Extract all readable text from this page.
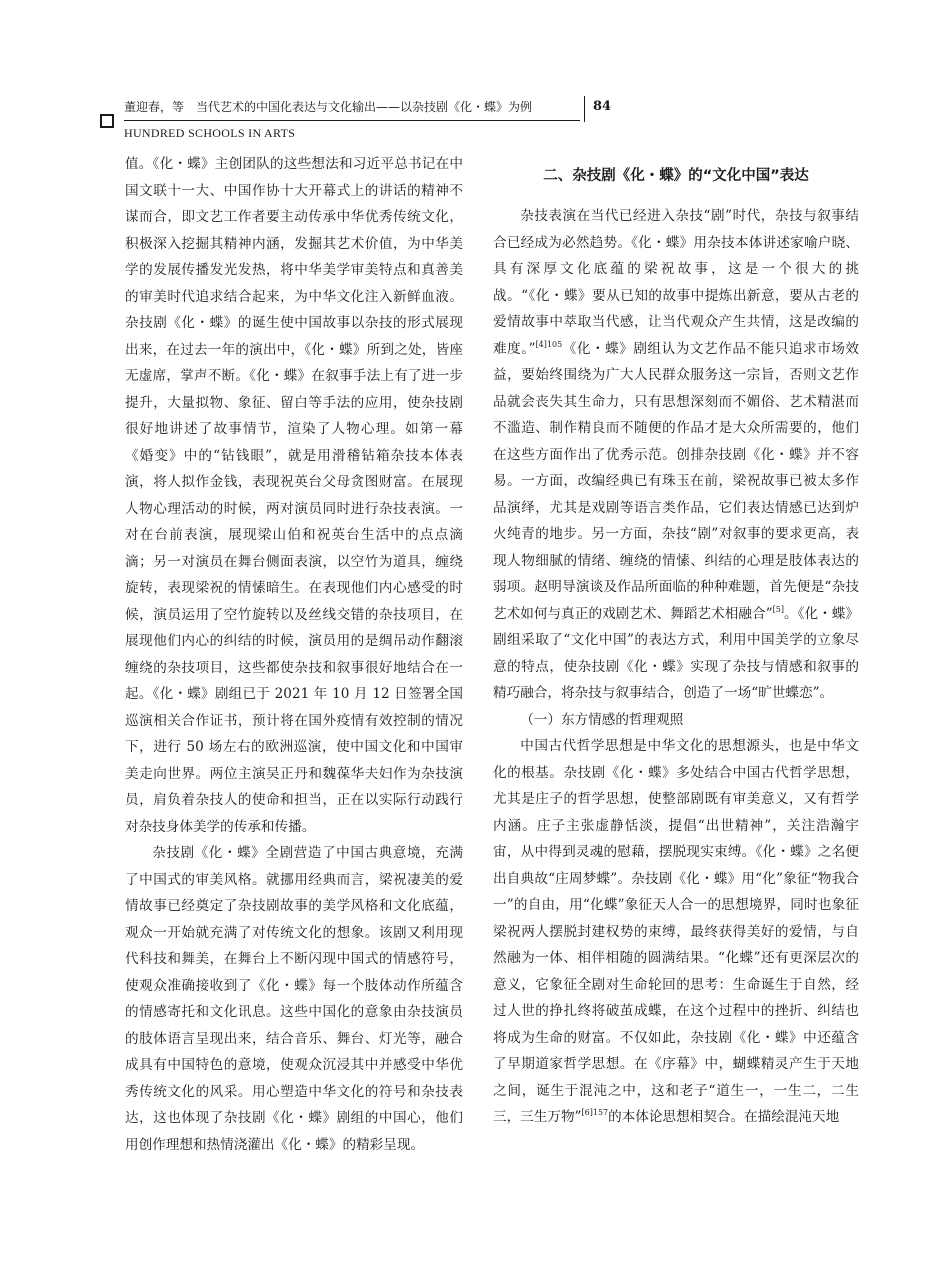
董迎春，等 当代艺术的中国化表达与文化输出——以杂技剧《化・蝶》为例	84
HUNDRED SCHOOLS IN ARTS

值。《化・蝶》主创团队的这些想法和习近平总书记在中国文联十一大、中国作协十大开幕式上的讲话的精神不谋而合，即文艺工作者要主动传承中华优秀传统文化，积极深入挖掘其精神内涵，发掘其艺术价值，为中华美学的发展传播发光发热，将中华美学审美特点和真善美的审美时代追求结合起来，为中华文化注入新鲜血液。杂技剧《化・蝶》的诞生使中国故事以杂技的形式展现出来，在过去一年的演出中，《化・蝶》所到之处，皆座无虚席，掌声不断。《化・蝶》在叙事手法上有了进一步提升，大量拟物、象征、留白等手法的应用，使杂技剧很好地讲述了故事情节，渲染了人物心理。如第一幕《婚变》中的“钻钱眼”，就是用滑稽钻箱杂技本体表演，将人拟作金钱，表现祝英台父母贪图财富。在展现人物心理活动的时候，两对演员同时进行杂技表演。一对在台前表演，展现梁山伯和祝英台生活中的点点滴滴；另一对演员在舞台侧面表演，以空竹为道具，缠绕旋转，表现梁祝的情愫暗生。在表现他们内心感受的时候，演员运用了空竹旋转以及丝线交错的杂技项目，在展现他们内心的纠结的时候，演员用的是绸吊动作翻滚缠绕的杂技项目，这些都使杂技和叙事很好地结合在一起。《化・蝶》剧组已于 2021 年 10 月 12 日签署全国巡演相关合作证书，预计将在国外疫情有效控制的情况下，进行 50 场左右的欧洲巡演，使中国文化和中国审美走向世界。两位主演吴正丹和魏葆华夫妇作为杂技演员，肩负着杂技人的使命和担当，正在以实际行动践行对杂技身体美学的传承和传播。

杂技剧《化・蝶》全剧营造了中国古典意境，充满了中国式的审美风格。就挪用经典而言，梁祝凄美的爱情故事已经奠定了杂技剧故事的美学风格和文化底蕴，观众一开始就充满了对传统文化的想象。该剧又利用现代科技和舞美，在舞台上不断闪现中国式的情感符号，使观众准确接收到了《化・蝶》每一个肢体动作所蕴含的情感寄托和文化讯息。这些中国化的意象由杂技演员的肢体语言呈现出来，结合音乐、舞台、灯光等，融合成具有中国特色的意境，使观众沉浸其中并感受中华优秀传统文化的风采。用心塑造中华文化的符号和杂技表达，这也体现了杂技剧《化・蝶》剧组的中国心，他们用创作理想和热情浇灌出《化・蝶》的精彩呈现。

二、杂技剧《化・蝶》的“文化中国”表达

杂技表演在当代已经进入杂技“剧”时代，杂技与叙事结合已经成为必然趋势。《化・蝶》用杂技本体讲述家喻户晓、具有深厚文化底蕴的梁祝故事，这是一个很大的挑战。“《化・蝶》要从已知的故事中提炼出新意，要从古老的爱情故事中萃取当代感，让当代观众产生共情，这是改编的难度。”$^{[4]105}$《化・蝶》剧组认为文艺作品不能只追求市场效益，要始终围绕为广大人民群众服务这一宗旨，否则文艺作品就会丧失其生命力，只有思想深刻而不媚俗、艺术精湛而不滥造、制作精良而不随便的作品才是大众所需要的，他们在这些方面作出了优秀示范。创排杂技剧《化・蝶》并不容易。一方面，改编经典已有珠玉在前，梁祝故事已被太多作品演绎，尤其是戏剧等语言类作品，它们表达情感已达到炉火纯青的地步。另一方面，杂技“剧”对叙事的要求更高，表现人物细腻的情绪、缠绕的情愫、纠结的心理是肢体表达的弱项。赵明导演谈及作品所面临的种种难题，首先便是“杂技艺术如何与真正的戏剧艺术、舞蹈艺术相融合”[5]。《化・蝶》剧组采取了“文化中国”的表达方式，利用中国美学的立象尽意的特点，使杂技剧《化・蝶》实现了杂技与情感和叙事的精巧融合，将杂技与叙事结合，创造了一场“旷世蝶恋”。

（一）东方情感的哲理观照

中国古代哲学思想是中华文化的思想源头，也是中华文化的根基。杂技剧《化・蝶》多处结合中国古代哲学思想，尤其是庄子的哲学思想，使整部剧既有审美意义，又有哲学内涵。庄子主张虚静恬淡，提倡“出世精神”，关注浩瀚宇宙，从中得到灵魂的慰藉，摆脱现实束缚。《化・蝶》之名便出自典故“庄周梦蝶”。杂技剧《化・蝶》用“化”象征“物我合一”的自由，用“化蝶”象征天人合一的思想境界，同时也象征梁祝两人摆脱封建权势的束缚，最终获得美好的爱情，与自然融为一体、相伴相随的圆满结果。“化蝶”还有更深层次的意义，它象征全剧对生命轮回的思考：生命诞生于自然，经过人世的挣扎终将破茧成蝶，在这个过程中的挫折、纠结也将成为生命的财富。不仅如此，杂技剧《化・蝶》中还蕴含了早期道家哲学思想。在《序幕》中，蝴蝶精灵产生于天地之间，诞生于混沌之中，这和老子“道生一，一生二，二生三，三生万物”$^{[6]157}$的本体论思想相契合。在描绘混沌天地
